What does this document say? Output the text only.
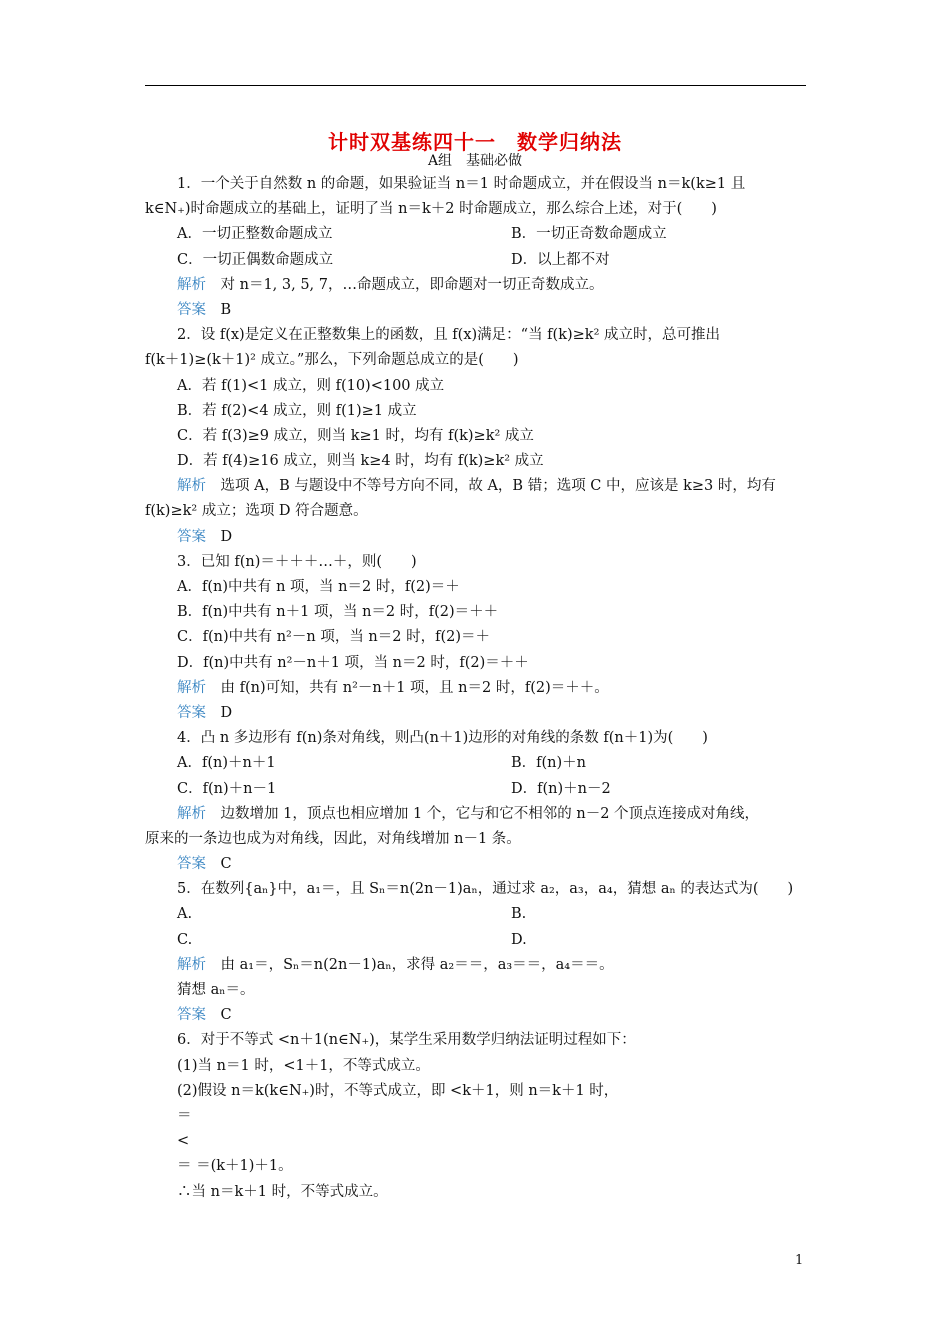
计时双基练四十一　数学归纳法
A组　基础必做
1．一个关于自然数 n 的命题，如果验证当 n＝1 时命题成立，并在假设当 n＝k(k≥1 且
k∈N₊)时命题成立的基础上，证明了当 n＝k＋2 时命题成立，那么综合上述，对于(　　)
A．一切正整数命题成立	B．一切正奇数命题成立
C．一切正偶数命题成立	D．以上都不对
解析　 对 n＝1, 3, 5, 7，…命题成立，即命题对一切正奇数成立。
答案　 B
2．设 f(x)是定义在正整数集上的函数，且 f(x)满足：“当 f(k)≥k² 成立时，总可推出
f(k＋1)≥(k＋1)² 成立。”那么，下列命题总成立的是(　　)
A．若 f(1)<1 成立，则 f(10)<100 成立
B．若 f(2)<4 成立，则 f(1)≥1 成立
C．若 f(3)≥9 成立，则当 k≥1 时，均有 f(k)≥k² 成立
D．若 f(4)≥16 成立，则当 k≥4 时，均有 f(k)≥k² 成立
解析　 选项 A，B 与题设中不等号方向不同，故 A，B 错；选项 C 中，应该是 k≥3 时，均有
f(k)≥k² 成立；选项 D 符合题意。
答案　 D
3．已知 f(n)＝＋＋＋…＋，则(　　)
A．f(n)中共有 n 项，当 n＝2 时，f(2)＝＋
B．f(n)中共有 n＋1 项，当 n＝2 时，f(2)＝＋＋
C．f(n)中共有 n²－n 项，当 n＝2 时，f(2)＝＋
D．f(n)中共有 n²－n＋1 项，当 n＝2 时，f(2)＝＋＋
解析　 由 f(n)可知，共有 n²－n＋1 项，且 n＝2 时，f(2)＝＋＋。
答案　 D
4．凸 n 多边形有 f(n)条对角线，则凸(n＋1)边形的对角线的条数 f(n＋1)为(　　)
A．f(n)＋n＋1	B．f(n)＋n
C．f(n)＋n－1	D．f(n)＋n－2
解析　 边数增加 1，顶点也相应增加 1 个，它与和它不相邻的 n－2 个顶点连接成对角线，
原来的一条边也成为对角线，因此，对角线增加 n－1 条。
答案　 C
5．在数列{aₙ}中，a₁＝，且 Sₙ＝n(2n－1)aₙ，通过求 a₂，a₃，a₄，猜想 aₙ 的表达式为(　　)
A.	B.
C.	D.
解析　 由 a₁＝，Sₙ＝n(2n－1)aₙ，求得 a₂＝＝，a₃＝＝，a₄＝＝。
猜想 aₙ＝。
答案　 C
6．对于不等式 <n＋1(n∈N₊)，某学生采用数学归纳法证明过程如下：
(1)当 n＝1 时，<1＋1，不等式成立。
(2)假设 n＝k(k∈N₊)时，不等式成立，即 <k＋1，则 n＝k＋1 时，
＝
<
＝ ＝(k＋1)＋1。
∴当 n＝k＋1 时，不等式成立。
1
